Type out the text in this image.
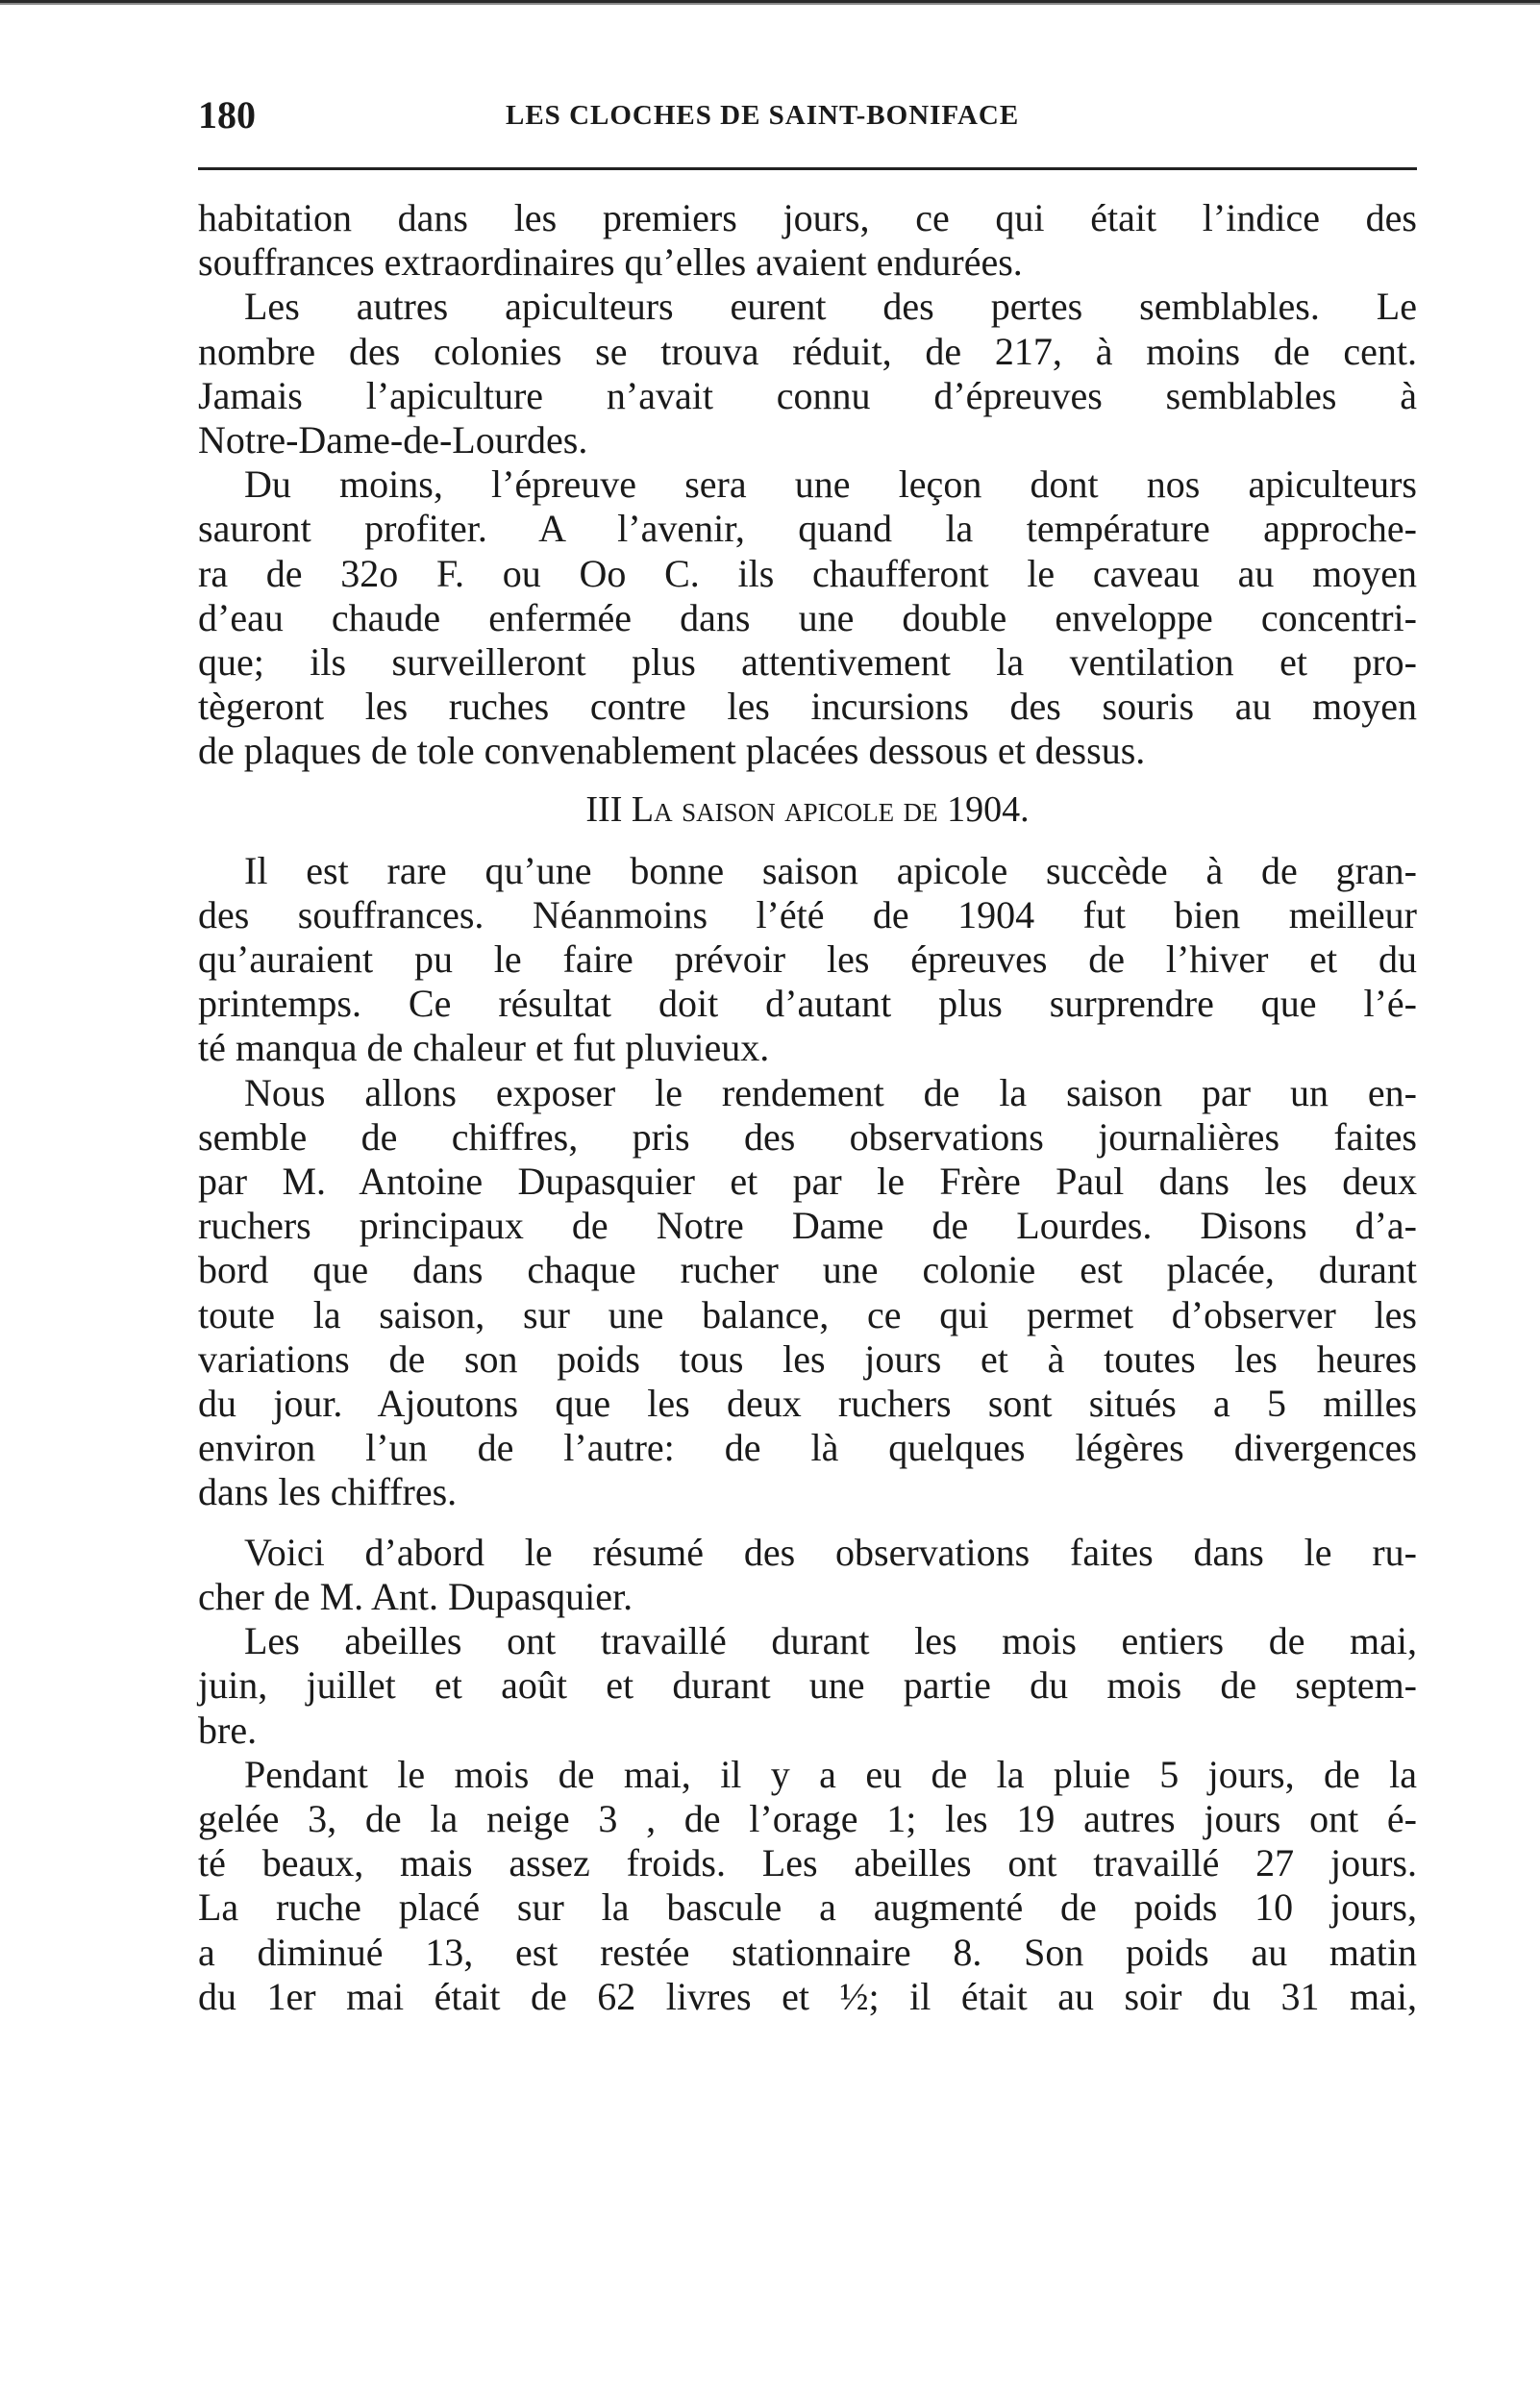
180	LES CLOCHES DE SAINT-BONIFACE
habitation dans les premiers jours, ce qui était l’indice des
souffrances extraordinaires qu’elles avaient endurées.
Les autres apiculteurs eurent des pertes semblables. Le
nombre des colonies se trouva réduit, de 217, à moins de cent.
Jamais l’apiculture n’avait connu d’épreuves semblables à
Notre-Dame-de-Lourdes.
Du moins, l’épreuve sera une leçon dont nos apiculteurs
sauront profiter. A l’avenir, quand la température approche-
ra de 32o F. ou Oo C. ils chaufferont le caveau au moyen
d’eau chaude enfermée dans une double enveloppe concentri-
que; ils surveilleront plus attentivement la ventilation et pro-
tègeront les ruches contre les incursions des souris au moyen
de plaques de tole convenablement placées dessous et dessus.
III La saison apicole de 1904.
Il est rare qu’une bonne saison apicole succède à de gran-
des souffrances. Néanmoins l’été de 1904 fut bien meilleur
qu’auraient pu le faire prévoir les épreuves de l’hiver et du
printemps. Ce résultat doit d’autant plus surprendre que l’é-
té manqua de chaleur et fut pluvieux.
Nous allons exposer le rendement de la saison par un en-
semble de chiffres, pris des observations journalières faites
par M. Antoine Dupasquier et par le Frère Paul dans les deux
ruchers principaux de Notre Dame de Lourdes. Disons d’a-
bord que dans chaque rucher une colonie est placée, durant
toute la saison, sur une balance, ce qui permet d’observer les
variations de son poids tous les jours et à toutes les heures
du jour. Ajoutons que les deux ruchers sont situés a 5 milles
environ l’un de l’autre: de là quelques légères divergences
dans les chiffres.
Voici d’abord le résumé des observations faites dans le ru-
cher de M. Ant. Dupasquier.
Les abeilles ont travaillé durant les mois entiers de mai,
juin, juillet et août et durant une partie du mois de septem-
bre.
Pendant le mois de mai, il y a eu de la pluie 5 jours, de la
gelée 3, de la neige 3 , de l’orage 1; les 19 autres jours ont é-
té beaux, mais assez froids. Les abeilles ont travaillé 27 jours.
La ruche placé sur la bascule a augmenté de poids 10 jours,
a diminué 13, est restée stationnaire 8. Son poids au matin
du 1er mai était de 62 livres et ½; il était au soir du 31 mai,
